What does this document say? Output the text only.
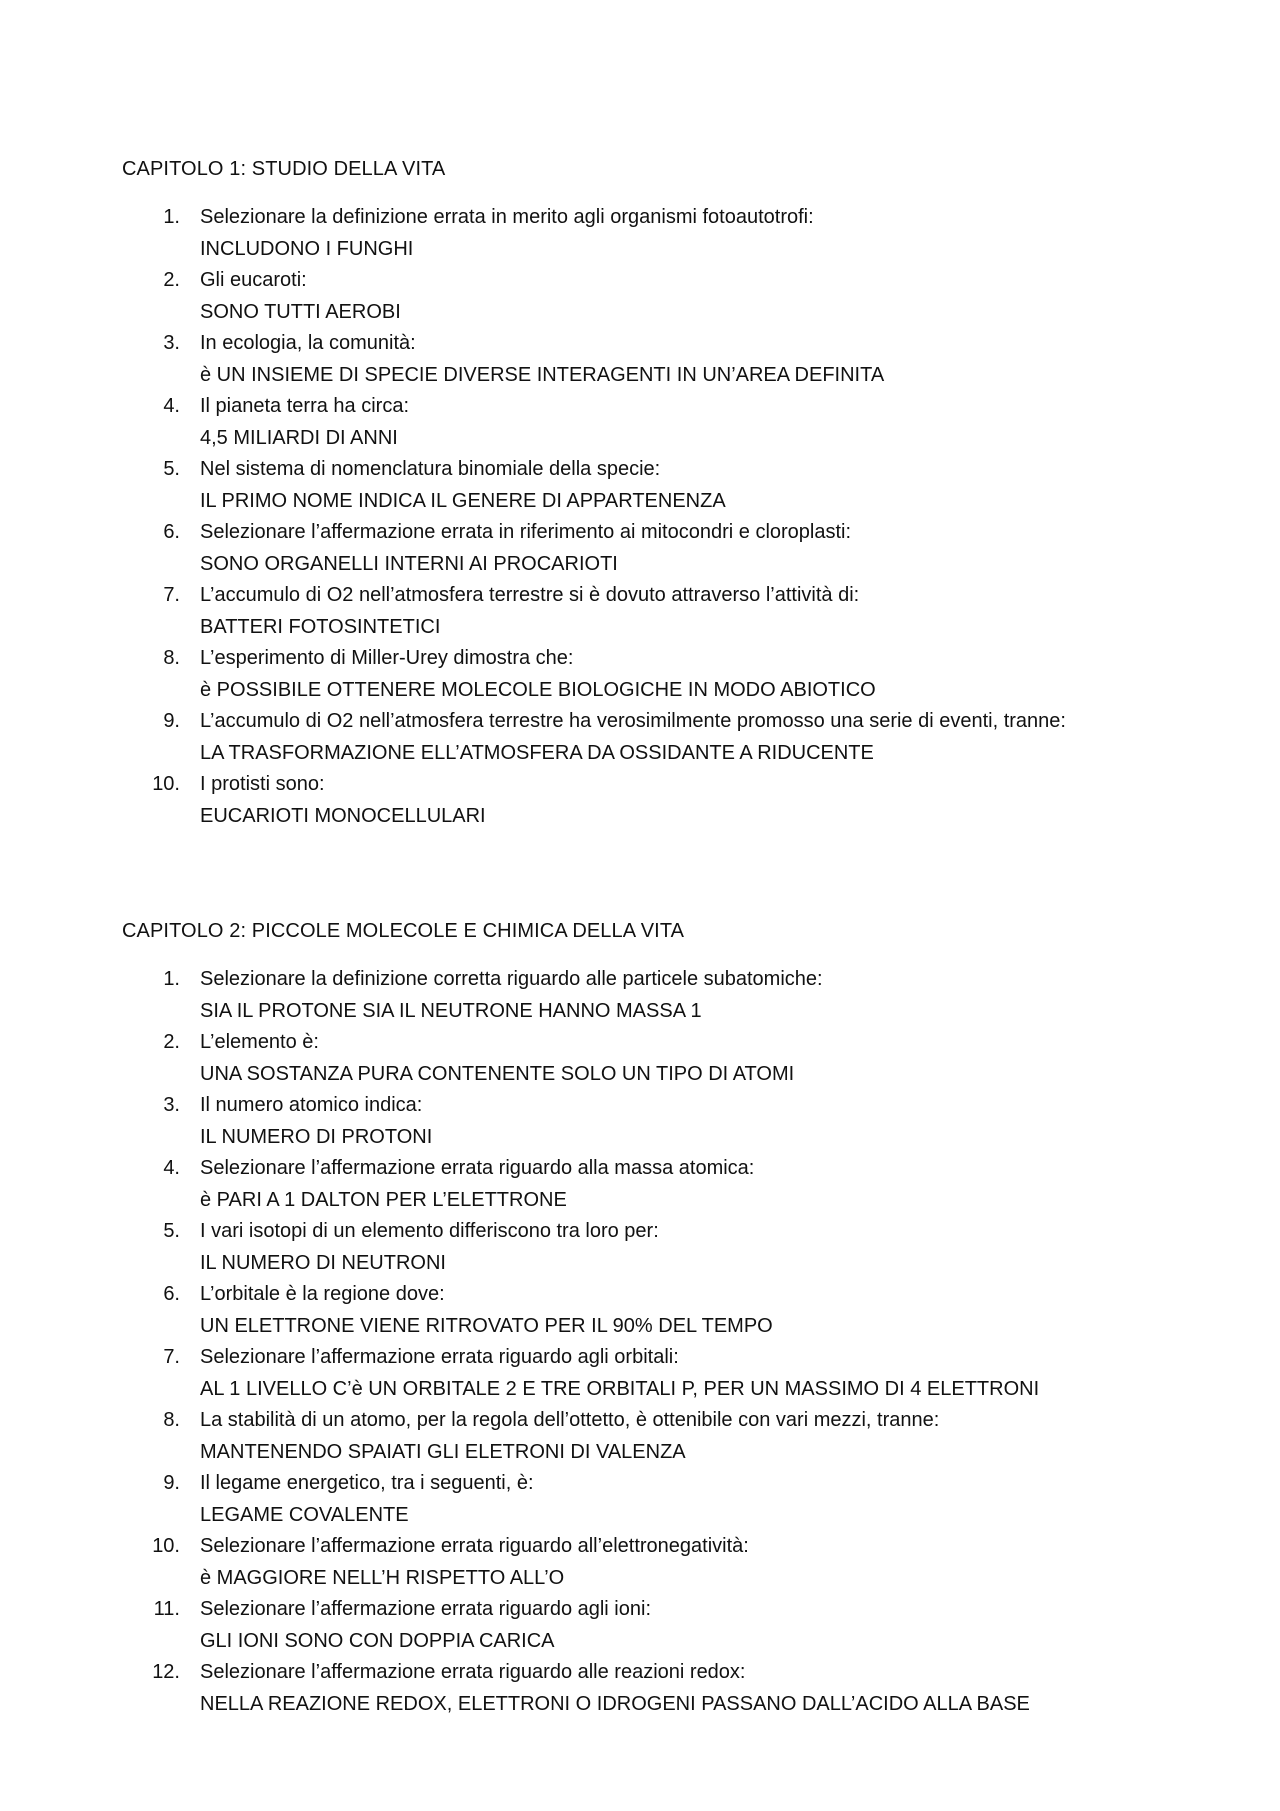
CAPITOLO 1: STUDIO DELLA VITA
1. Selezionare la definizione errata in merito agli organismi fotoautotrofi:
INCLUDONO I FUNGHI
2. Gli eucaroti:
SONO TUTTI AEROBI
3. In ecologia, la comunità:
è UN INSIEME DI SPECIE DIVERSE INTERAGENTI IN UN’AREA DEFINITA
4. Il pianeta terra ha circa:
4,5 MILIARDI DI ANNI
5. Nel sistema di nomenclatura binomiale della specie:
IL PRIMO NOME INDICA IL GENERE DI APPARTENENZA
6. Selezionare l’affermazione errata in riferimento ai mitocondri e cloroplasti:
SONO ORGANELLI INTERNI AI PROCARIOTI
7. L’accumulo di O2 nell’atmosfera terrestre si è dovuto attraverso l’attività di:
BATTERI FOTOSINTETICI
8. L’esperimento di Miller-Urey dimostra che:
è POSSIBILE OTTENERE MOLECOLE BIOLOGICHE IN MODO ABIOTICO
9. L’accumulo di O2 nell’atmosfera terrestre ha verosimilmente promosso una serie di eventi, tranne:
LA TRASFORMAZIONE ELL’ATMOSFERA DA OSSIDANTE A RIDUCENTE
10. I protisti sono:
EUCARIOTI MONOCELLULARI
CAPITOLO 2: PICCOLE MOLECOLE E CHIMICA DELLA VITA
1. Selezionare la definizione corretta riguardo alle particele subatomiche:
SIA IL PROTONE SIA IL NEUTRONE HANNO MASSA 1
2. L’elemento è:
UNA SOSTANZA PURA CONTENENTE SOLO UN TIPO DI ATOMI
3. Il numero atomico indica:
IL NUMERO DI PROTONI
4. Selezionare l’affermazione errata riguardo alla massa atomica:
è PARI A 1 DALTON PER L’ELETTRONE
5. I vari isotopi di un elemento differiscono tra loro per:
IL NUMERO DI NEUTRONI
6. L’orbitale è la regione dove:
UN ELETTRONE VIENE RITROVATO PER IL 90% DEL TEMPO
7. Selezionare l’affermazione errata riguardo agli orbitali:
AL 1 LIVELLO C’è UN ORBITALE 2 E TRE ORBITALI P, PER UN MASSIMO DI 4 ELETTRONI
8. La stabilità di un atomo, per la regola dell’ottetto, è ottenibile con vari mezzi, tranne:
MANTENENDO SPAIATI GLI ELETRONI DI VALENZA
9. Il legame energetico, tra i seguenti, è:
LEGAME COVALENTE
10. Selezionare l’affermazione errata riguardo all’elettronegatività:
è MAGGIORE NELL’H RISPETTO ALL’O
11. Selezionare l’affermazione errata riguardo agli ioni:
GLI IONI SONO CON DOPPIA CARICA
12. Selezionare l’affermazione errata riguardo alle reazioni redox:
NELLA REAZIONE REDOX, ELETTRONI O IDROGENI PASSANO DALL’ACIDO ALLA BASE
